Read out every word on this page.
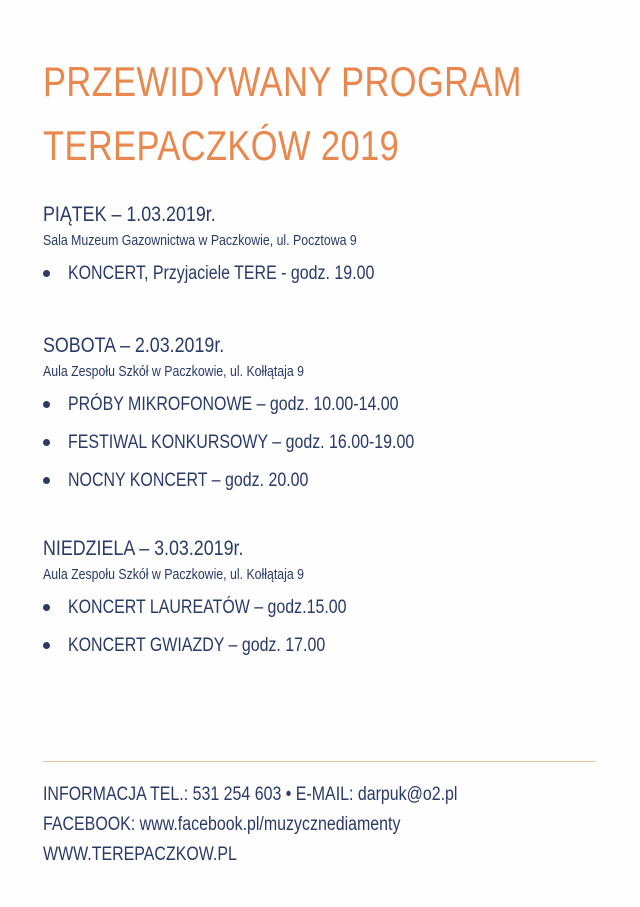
PRZEWIDYWANY PROGRAM
TEREPACZKÓW 2019
PIĄTEK – 1.03.2019r.
Sala Muzeum Gazownictwa w Paczkowie, ul. Pocztowa 9
KONCERT, Przyjaciele TERE - godz. 19.00
SOBOTA – 2.03.2019r.
Aula Zespołu Szkół w Paczkowie, ul. Kołłątaja 9
PRÓBY MIKROFONOWE – godz. 10.00-14.00
FESTIWAL KONKURSOWY – godz. 16.00-19.00
NOCNY KONCERT – godz. 20.00
NIEDZIELA – 3.03.2019r.
Aula Zespołu Szkół w Paczkowie, ul. Kołłątaja 9
KONCERT LAUREATÓW – godz.15.00
KONCERT GWIAZDY – godz. 17.00
INFORMACJA TEL.: 531 254 603 • E-MAIL: darpuk@o2.pl
FACEBOOK: www.facebook.pl/muzycznediamenty
WWW.TEREPACZKOW.PL
